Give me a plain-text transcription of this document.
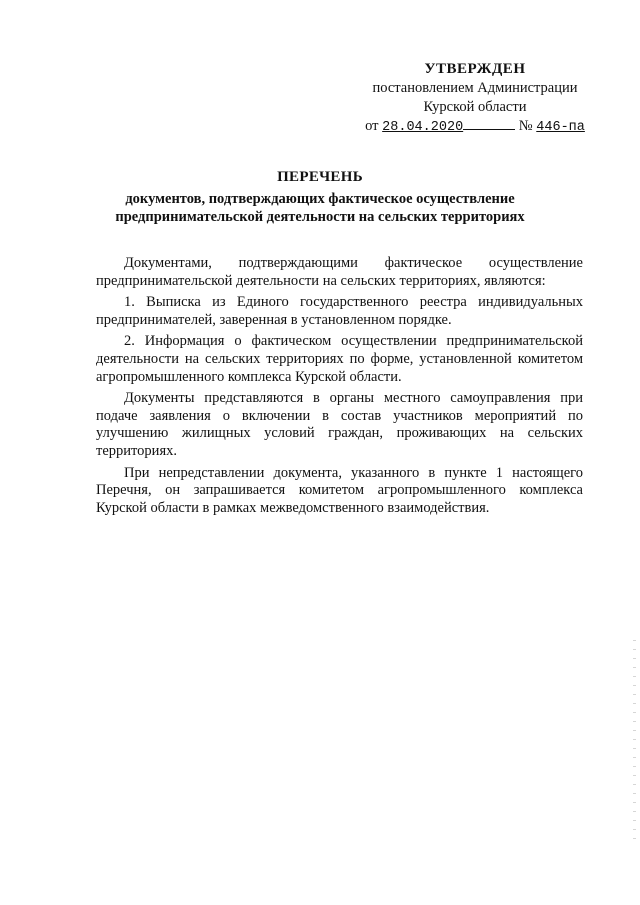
УТВЕРЖДЕН
постановлением Администрации
Курской области
от 28.04.2020	№ 446-па
ПЕРЕЧЕНЬ
документов, подтверждающих фактическое осуществление
предпринимательской деятельности на сельских территориях

Документами, подтверждающими фактическое осуществление предпринимательской деятельности на сельских территориях, являются:

1. Выписка из Единого государственного реестра индивидуальных предпринимателей, заверенная в установленном порядке.

2. Информация о фактическом осуществлении предпринимательской деятельности на сельских территориях по форме, установленной комитетом агропромышленного комплекса Курской области.

Документы представляются в органы местного самоуправления при подаче заявления о включении в состав участников мероприятий по улучшению жилищных условий граждан, проживающих на сельских территориях.

При непредставлении документа, указанного в пункте 1 настоящего Перечня, он запрашивается комитетом агропромышленного комплекса Курской области в рамках межведомственного взаимодействия.
